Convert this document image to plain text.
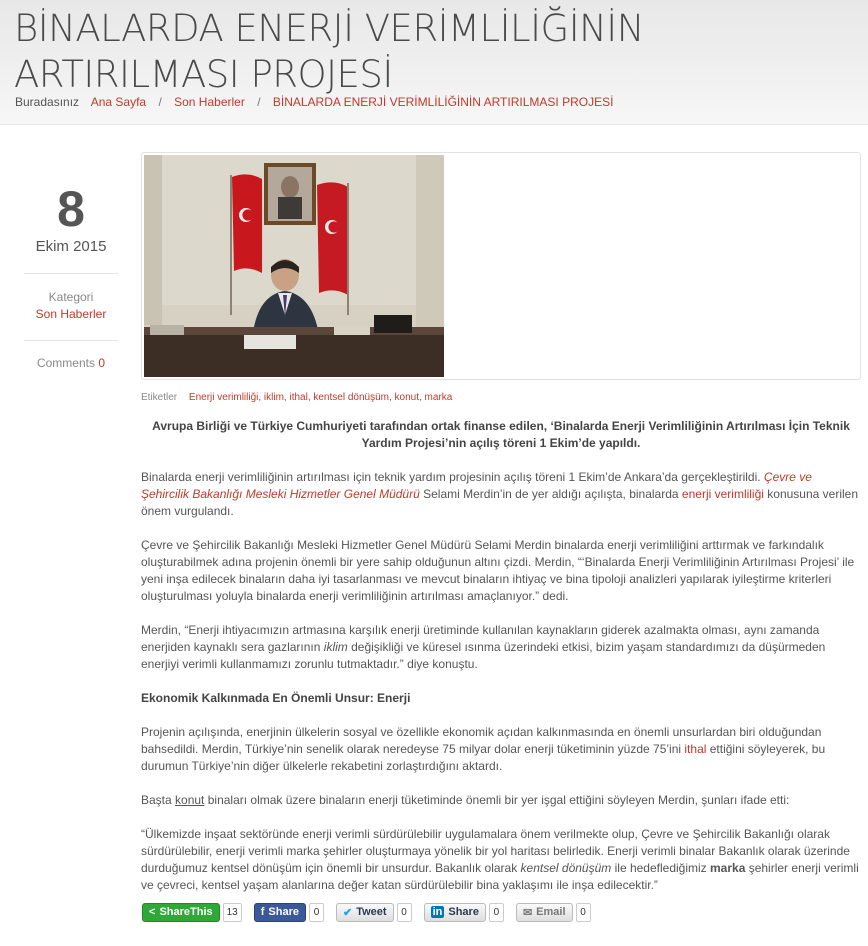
BİNALARDA ENERJİ VERİMLİLİĞİNİN ARTIRILMASI PROJESİ
Buradasınız Ana Sayfa / Son Haberler / BİNALARDA ENERJİ VERİMLİLİĞİNİN ARTIRILMASI PROJESİ
8
Ekim 2015
Kategori
Son Haberler
Comments 0
Etiketler Enerji verimliliği, iklim, ithal, kentsel dönüşüm, konut, marka

Avrupa Birliği ve Türkiye Cumhuriyeti tarafından ortak finanse edilen, ‘Binalarda Enerji Verimliliğinin Artırılması İçin Teknik Yardım Projesi’nin açılış töreni 1 Ekim’de yapıldı.

Binalarda enerji verimliliğinin artırılması için teknik yardım projesinin açılış töreni 1 Ekim’de Ankara’da gerçekleştirildi. Çevre ve Şehircilik Bakanlığı Mesleki Hizmetler Genel Müdürü Selami Merdin’in de yer aldığı açılışta, binalarda enerji verimliliği konusuna verilen önem vurgulandı.

Çevre ve Şehircilik Bakanlığı Mesleki Hizmetler Genel Müdürü Selami Merdin binalarda enerji verimliliğini arttırmak ve farkındalık oluşturabilmek adına projenin önemli bir yere sahip olduğunun altını çizdi. Merdin, “‘Binalarda Enerji Verimliliğinin Artırılması Projesi’ ile yeni inşa edilecek binaların daha iyi tasarlanması ve mevcut binaların ihtiyaç ve bina tipoloji analizleri yapılarak iyileştirme kriterleri oluşturulması yoluyla binalarda enerji verimliliğinin artırılması amaçlanıyor.” dedi.

Merdin, “Enerji ihtiyacımızın artmasına karşılık enerji üretiminde kullanılan kaynakların giderek azalmakta olması, aynı zamanda enerjiden kaynaklı sera gazlarının iklim değişikliği ve küresel ısınma üzerindeki etkisi, bizim yaşam standardımızı da düşürmeden enerjiyi verimli kullanmamızı zorunlu tutmaktadır.” diye konuştu.

Ekonomik Kalkınmada En Önemli Unsur: Enerji

Projenin açılışında, enerjinin ülkelerin sosyal ve özellikle ekonomik açıdan kalkınmasında en önemli unsurlardan biri olduğundan bahsedildi. Merdin, Türkiye’nin senelik olarak neredeyse 75 milyar dolar enerji tüketiminin yüzde 75’ini ithal ettiğini söyleyerek, bu durumun Türkiye’nin diğer ülkelerle rekabetini zorlaştırdığını aktardı.

Başta konut binaları olmak üzere binaların enerji tüketiminde önemli bir yer işgal ettiğini söyleyen Merdin, şunları ifade etti:

“Ülkemizde inşaat sektöründe enerji verimli sürdürülebilir uygulamalara önem verilmekte olup, Çevre ve Şehircilik Bakanlığı olarak sürdürülebilir, enerji verimli marka şehirler oluşturmaya yönelik bir yol haritası belirledik. Enerji verimli binalar Bakanlık olarak üzerinde durduğumuz kentsel dönüşüm için önemli bir unsurdur. Bakanlık olarak kentsel dönüşüm ile hedeflediğimiz marka şehirler enerji verimli ve çevreci, kentsel yaşam alanlarına değer katan sürdürülebilir bina yaklaşımı ile inşa edilecektir.”

< ShareThis	13	f Share	0	✔ Tweet	0	in Share	0	✉ Email	0
